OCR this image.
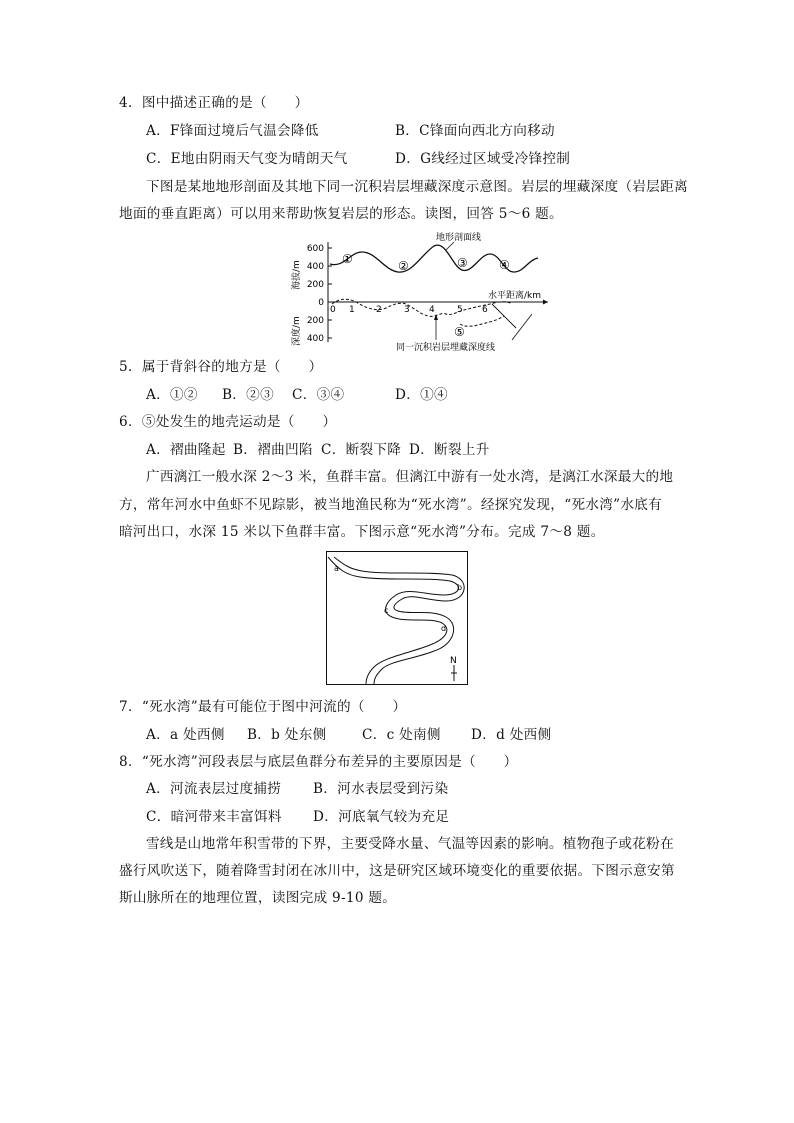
4．图中描述正确的是（　　）
A．F锋面过境后气温会降低	B．C锋面向西北方向移动
C．E地由阴雨天气变为晴朗天气	D．G线经过区域受冷锋控制
下图是某地地形剖面及其地下同一沉积岩层埋藏深度示意图。岩层的埋藏深度（岩层距离
地面的垂直距离）可以用来帮助恢复岩层的形态。读图，回答 5～6 题。
600
400
200
0
200
400
海拔/m
深度/m
地形剖面线
①	②	③	④
⑤
0 1 2 3 4 5 6
水平距离/km
同一沉积岩层埋藏深度线
5．属于背斜谷的地方是（　　）
A．①② B．②③ C．③④	D．①④
6．⑤处发生的地壳运动是（　　）
A．褶曲隆起 B．褶曲凹陷 C．断裂下降 D．断裂上升
广西漓江一般水深 2～3 米，鱼群丰富。但漓江中游有一处水湾，是漓江水深最大的地
方，常年河水中鱼虾不见踪影，被当地渔民称为“死水湾”。经探究发现，“死水湾”水底有
暗河出口，水深 15 米以下鱼群丰富。下图示意“死水湾”分布。完成 7～8 题。
a
b
c
d
N
7．“死水湾”最有可能位于图中河流的（　　）
A．a 处西侧 B．b 处东侧	C．c 处南侧 D．d 处西侧
8．“死水湾”河段表层与底层鱼群分布差异的主要原因是（　　）
A．河流表层过度捕捞 B．河水表层受到污染
C．暗河带来丰富饵料 D．河底氧气较为充足
雪线是山地常年积雪带的下界，主要受降水量、气温等因素的影响。植物孢子或花粉在
盛行风吹送下，随着降雪封闭在冰川中，这是研究区域环境变化的重要依据。下图示意安第
斯山脉所在的地理位置，读图完成 9-10 题。
